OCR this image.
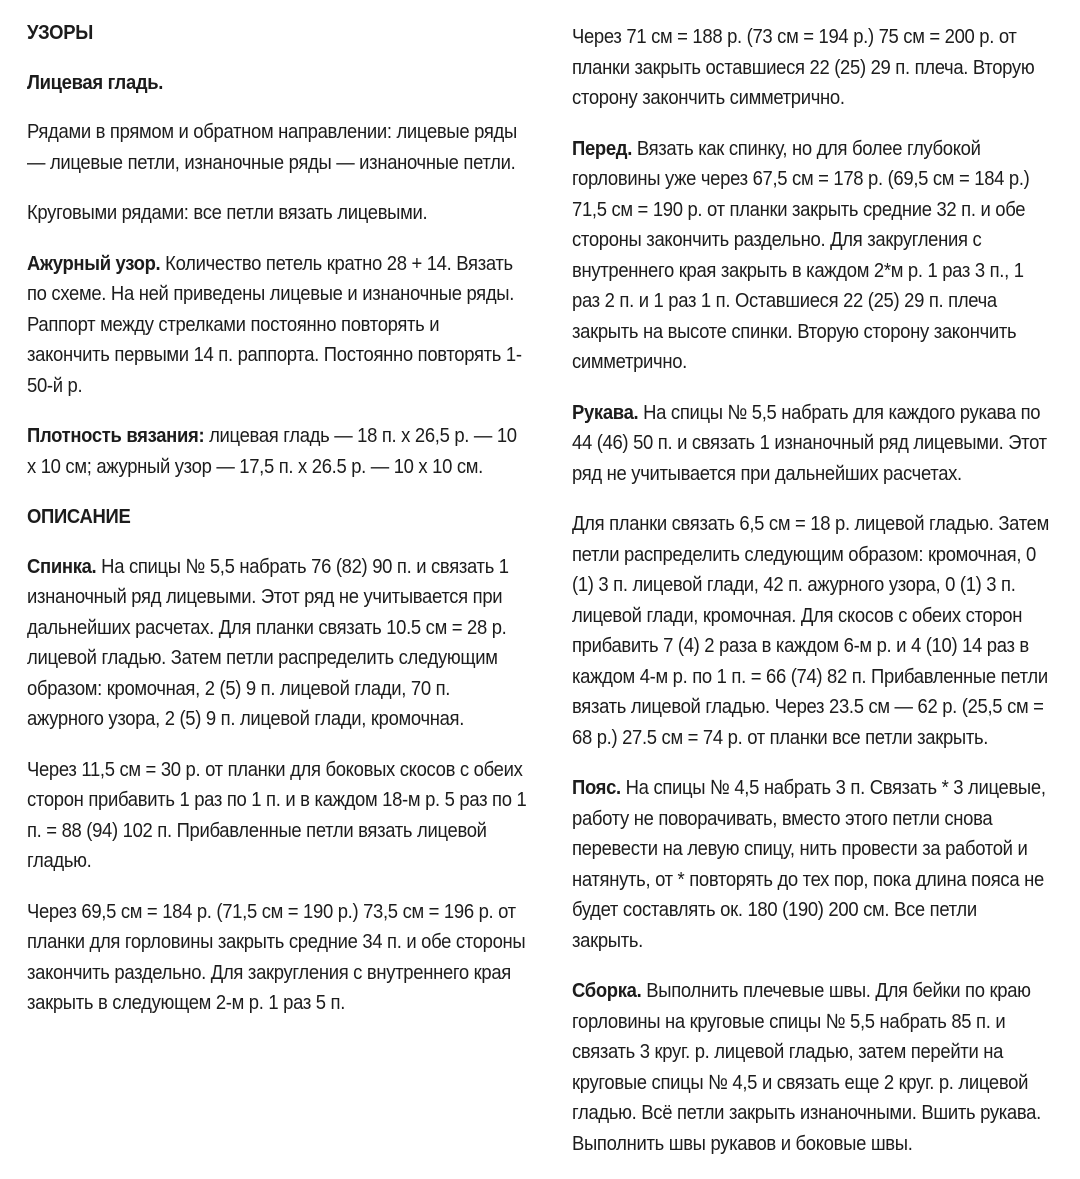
УЗОРЫ
Лицевая гладь.

Рядами в прямом и обратном направлении: лицевые ряды — лицевые петли, изнаночные ряды — изнаночные петли.

Круговыми рядами: все петли вязать лицевыми.

Ажурный узор. Количество петель кратно 28 + 14. Вязать по схеме. На ней приведены лицевые и изнаночные ряды. Раппорт между стрелками постоянно повторять и закончить первыми 14 п. раппорта. Постоянно повторять 1-50-й р.

Плотность вязания: лицевая гладь — 18 п. х 26,5 р. — 10 х 10 см; ажурный узор — 17,5 п. х 26.5 р. — 10 х 10 см.

ОПИСАНИЕ

Спинка. На спицы № 5,5 набрать 76 (82) 90 п. и связать 1 изнаночный ряд лицевыми. Этот ряд не учитывается при дальнейших расчетах. Для планки связать 10.5 см = 28 р. лицевой гладью. Затем петли распределить следующим образом: кромочная, 2 (5) 9 п. лицевой глади, 70 п. ажурного узора, 2 (5) 9 п. лицевой глади, кромочная.

Через 11,5 см = 30 р. от планки для боковых скосов с обеих сторон прибавить 1 раз по 1 п. и в каждом 18-м р. 5 раз по 1 п. = 88 (94) 102 п. Прибавленные петли вязать лицевой гладью.

Через 69,5 см = 184 р. (71,5 см = 190 р.) 73,5 см = 196 р. от планки для горловины закрыть средние 34 п. и обе стороны закончить раздельно. Для закругления с внутреннего края закрыть в следующем 2-м р. 1 раз 5 п.

Через 71 см = 188 р. (73 см = 194 р.) 75 см = 200 р. от планки закрыть оставшиеся 22 (25) 29 п. плеча. Вторую сторону закончить симметрично.

Перед. Вязать как спинку, но для более глубокой горловины уже через 67,5 см = 178 р. (69,5 см = 184 р.) 71,5 см = 190 р. от планки закрыть средние 32 п. и обе стороны закончить раздельно. Для закругления с внутреннего края закрыть в каждом 2*м р. 1 раз 3 п., 1 раз 2 п. и 1 раз 1 п. Оставшиеся 22 (25) 29 п. плеча закрыть на высоте спинки. Вторую сторону закончить симметрично.

Рукава. На спицы № 5,5 набрать для каждого рукава по 44 (46) 50 п. и связать 1 изнаночный ряд лицевыми. Этот ряд не учитывается при дальнейших расчетах.

Для планки связать 6,5 см = 18 р. лицевой гладью. Затем петли распределить следующим образом: кромочная, 0 (1) 3 п. лицевой глади, 42 п. ажурного узора, 0 (1) 3 п. лицевой глади, кромочная. Для скосов с обеих сторон прибавить 7 (4) 2 раза в каждом 6-м р. и 4 (10) 14 раз в каждом 4-м р. по 1 п. = 66 (74) 82 п. Прибавленные петли вязать лицевой гладью. Через 23.5 см — 62 р. (25,5 см = 68 р.) 27.5 см = 74 р. от планки все петли закрыть.

Пояс. На спицы № 4,5 набрать 3 п. Связать * 3 лицевые, работу не поворачивать, вместо этого петли снова перевести на левую спицу, нить провести за работой и натянуть, от * повторять до тех пор, пока длина пояса не будет составлять ок. 180 (190) 200 см. Все петли закрыть.

Сборка. Выполнить плечевые швы. Для бейки по краю горловины на круговые спицы № 5,5 набрать 85 п. и связать 3 круг. р. лицевой гладью, затем перейти на круговые спицы № 4,5 и связать еще 2 круг. р. лицевой гладью. Всё петли закрыть изнаночными. Вшить рукава. Выполнить швы рукавов и боковые швы.
